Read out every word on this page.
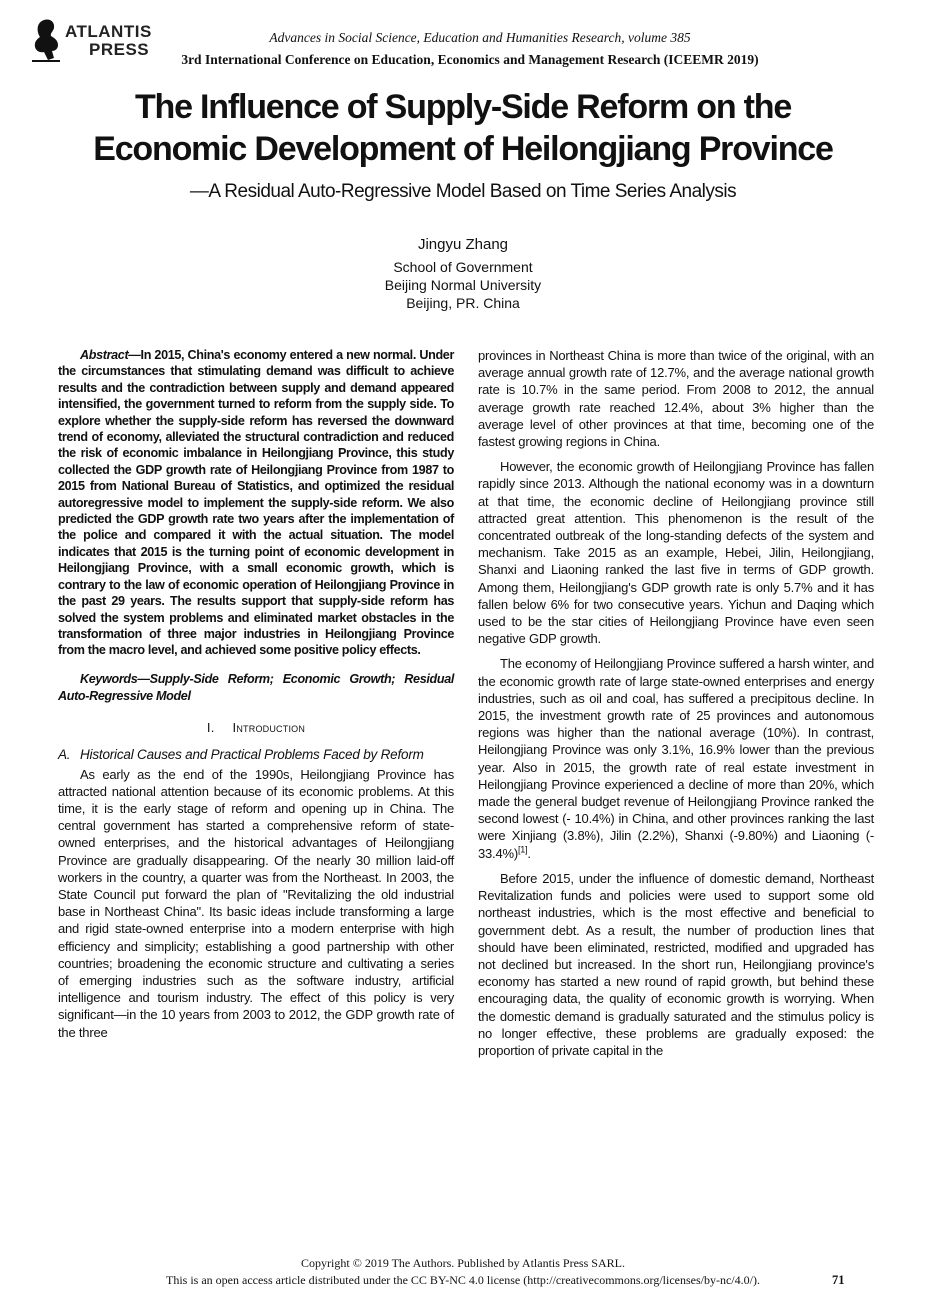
ATLANTIS
PRESS
Advances in Social Science, Education and Humanities Research, volume 385
3rd International Conference on Education, Economics and Management Research (ICEEMR 2019)
The Influence of Supply-Side Reform on the
Economic Development of Heilongjiang Province
—A Residual Auto-Regressive Model Based on Time Series Analysis
Jingyu Zhang
School of Government
Beijing Normal University
Beijing, PR. China

Abstract—In 2015, China's economy entered a new normal. Under the circumstances that stimulating demand was difficult to achieve results and the contradiction between supply and demand appeared intensified, the government turned to reform from the supply side. To explore whether the supply-side reform has reversed the downward trend of economy, alleviated the structural contradiction and reduced the risk of economic imbalance in Heilongjiang Province, this study collected the GDP growth rate of Heilongjiang Province from 1987 to 2015 from National Bureau of Statistics, and optimized the residual autoregressive model to implement the supply-side reform. We also predicted the GDP growth rate two years after the implementation of the police and compared it with the actual situation. The model indicates that 2015 is the turning point of economic development in Heilongjiang Province, with a small economic growth, which is contrary to the law of economic operation of Heilongjiang Province in the past 29 years. The results support that supply-side reform has solved the system problems and eliminated market obstacles in the transformation of three major industries in Heilongjiang Province from the macro level, and achieved some positive policy effects.

Keywords—Supply-Side Reform; Economic Growth; Residual Auto-Regressive Model

I. Introduction

A. Historical Causes and Practical Problems Faced by Reform

As early as the end of the 1990s, Heilongjiang Province has attracted national attention because of its economic problems. At this time, it is the early stage of reform and opening up in China. The central government has started a comprehensive reform of state-owned enterprises, and the historical advantages of Heilongjiang Province are gradually disappearing. Of the nearly 30 million laid-off workers in the country, a quarter was from the Northeast. In 2003, the State Council put forward the plan of "Revitalizing the old industrial base in Northeast China". Its basic ideas include transforming a large and rigid state-owned enterprise into a modern enterprise with high efficiency and simplicity; establishing a good partnership with other countries; broadening the economic structure and cultivating a series of emerging industries such as the software industry, artificial intelligence and tourism industry. The effect of this policy is very significant—in the 10 years from 2003 to 2012, the GDP growth rate of the three

provinces in Northeast China is more than twice of the original, with an average annual growth rate of 12.7%, and the average national growth rate is 10.7% in the same period. From 2008 to 2012, the annual average growth rate reached 12.4%, about 3% higher than the average level of other provinces at that time, becoming one of the fastest growing regions in China.

However, the economic growth of Heilongjiang Province has fallen rapidly since 2013. Although the national economy was in a downturn at that time, the economic decline of Heilongjiang province still attracted great attention. This phenomenon is the result of the concentrated outbreak of the long-standing defects of the system and mechanism. Take 2015 as an example, Hebei, Jilin, Heilongjiang, Shanxi and Liaoning ranked the last five in terms of GDP growth. Among them, Heilongjiang's GDP growth rate is only 5.7% and it has fallen below 6% for two consecutive years. Yichun and Daqing which used to be the star cities of Heilongjiang Province have even seen negative GDP growth.

The economy of Heilongjiang Province suffered a harsh winter, and the economic growth rate of large state-owned enterprises and energy industries, such as oil and coal, has suffered a precipitous decline. In 2015, the investment growth rate of 25 provinces and autonomous regions was higher than the national average (10%). In contrast, Heilongjiang Province was only 3.1%, 16.9% lower than the previous year. Also in 2015, the growth rate of real estate investment in Heilongjiang Province experienced a decline of more than 20%, which made the general budget revenue of Heilongjiang Province ranked the second lowest (- 10.4%) in China, and other provinces ranking the last were Xinjiang (3.8%), Jilin (2.2%), Shanxi (-9.80%) and Liaoning (- 33.4%)[1].

Before 2015, under the influence of domestic demand, Northeast Revitalization funds and policies were used to support some old northeast industries, which is the most effective and beneficial to government debt. As a result, the number of production lines that should have been eliminated, restricted, modified and upgraded has not declined but increased. In the short run, Heilongjiang province's economy has started a new round of rapid growth, but behind these encouraging data, the quality of economic growth is worrying. When the domestic demand is gradually saturated and the stimulus policy is no longer effective, these problems are gradually exposed: the proportion of private capital in the

Copyright © 2019 The Authors. Published by Atlantis Press SARL.
This is an open access article distributed under the CC BY-NC 4.0 license (http://creativecommons.org/licenses/by-nc/4.0/).	71
